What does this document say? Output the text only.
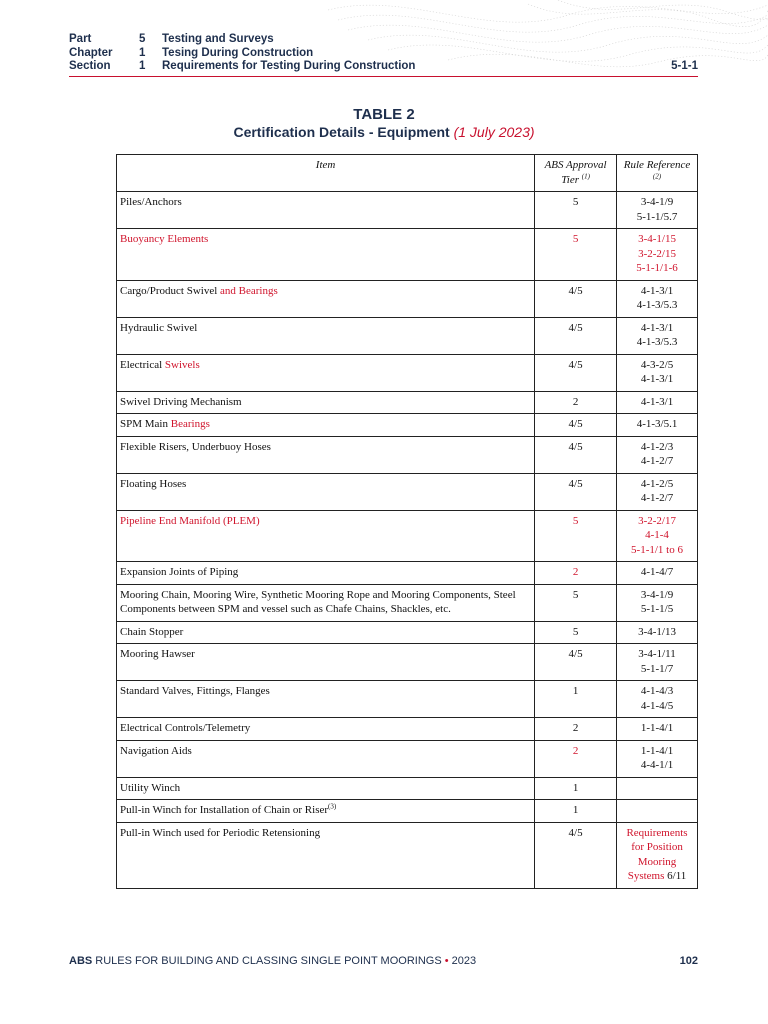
Part	5	Testing and Surveys
Chapter	1	Tesing During Construction
Section	1	Requirements for Testing During Construction	5-1-1
TABLE 2
Certification Details - Equipment (1 July 2023)
Item	ABS Approval Tier $^{(1)}$	Rule Reference $^{(2)}$
Piles/Anchors	5	3-4-1/9
5-1-1/5.7

Buoyancy Elements	5	3-4-1/15
3-2-2/15
5-1-1/1-6

Cargo/Product Swivel and Bearings	4/5	4-1-3/1
4-1-3/5.3

Hydraulic Swivel	4/5	4-1-3/1
4-1-3/5.3

Electrical Swivels	4/5	4-3-2/5
4-1-3/1

Swivel Driving Mechanism	2	4-1-3/1
SPM Main Bearings	4/5	4-1-3/5.1
Flexible Risers, Underbuoy Hoses	4/5	4-1-2/3
4-1-2/7

Floating Hoses	4/5	4-1-2/5
4-1-2/7

Pipeline End Manifold (PLEM)	5	3-2-2/17
4-1-4
5-1-1/1 to 6

Expansion Joints of Piping	2	4-1-4/7
Mooring Chain, Mooring Wire, Synthetic Mooring Rope and Mooring Components, Steel Components between SPM and vessel such as Chafe Chains, Shackles, etc.	5	3-4-1/9
5-1-1/5

Chain Stopper	5	3-4-1/13
Mooring Hawser	4/5	3-4-1/11
5-1-1/7

Standard Valves, Fittings, Flanges	1	4-1-4/3
4-1-4/5

Electrical Controls/Telemetry	2	1-1-4/1
Navigation Aids	2	1-1-4/1
4-4-1/1

Utility Winch	1	
Pull-in Winch for Installation of Chain or Riser$^{(3)}$	1	
Pull-in Winch used for Periodic Retensioning	4/5	Requirements
for Position
Mooring
Systems 6/11
ABS RULES FOR BUILDING AND CLASSING SINGLE POINT MOORINGS • 2023	102
